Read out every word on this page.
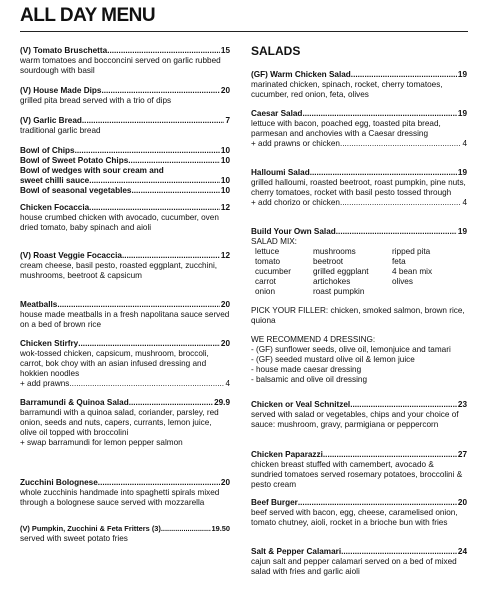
ALL DAY MENU
(V) Tomato Bruschetta .....	15
warm tomatoes and bocconcini served on garlic rubbed sourdough with basil
(V) House Made Dips .....	20
grilled pita bread served with a trio of dips
(V) Garlic Bread .....	7
traditional garlic bread
Bowl of Chips .....	10
Bowl of Sweet Potato Chips .....	10
Bowl of wedges with sour cream and
sweet chilli sauce .....	10
Bowl of seasonal vegetables .....	10
Chicken Focaccia .....	12
house crumbed chicken with avocado, cucumber, oven dried tomato, baby spinach and aioli
(V) Roast Veggie Focaccia .....	12
cream cheese, basil pesto, roasted eggplant, zucchini, mushrooms, beetroot & capsicum
Meatballs .....	20
house made meatballs in a fresh napolitana sauce served on a bed of brown rice
Chicken Stirfry .....	20
wok-tossed chicken, capsicum, mushroom, broccoli, carrot, bok choy with an asian infused dressing and hokkien noodles
+ add prawns .....	4
Barramundi & Quinoa Salad .....	29.9
barramundi with a quinoa salad, coriander, parsley, red onion, seeds and nuts, capers, currants, lemon juice, olive oil topped with broccolini
+ swap barramundi for lemon pepper salmon
Zucchini Bolognese .....	20
whole zucchinis handmade into spaghetti spirals mixed through a bolognese sauce served with mozzarella
(V) Pumpkin, Zucchini & Feta Fritters (3) .....	19.50
served with sweet potato fries
SALADS
(GF) Warm Chicken Salad .....	19
marinated chicken, spinach, rocket, cherry tomatoes, cucumber, red onion, feta, olives
Caesar Salad .....	19
lettuce with bacon, poached egg, toasted pita bread, parmesan and anchovies with a Caesar dressing
+ add prawns or chicken .....	4
Halloumi Salad .....	19
grilled halloumi, roasted beetroot, roast pumpkin, pine nuts, cherry tomatoes, rocket with basil pesto tossed through
+ add chorizo or chicken .....	4
Build Your Own Salad .....	19
SALAD MIX:
lettuce	mushrooms	ripped pita
tomato	beetroot	feta
cucumber	grilled eggplant	4 bean mix
carrot	artichokes	olives
onion	roast pumpkin
PICK YOUR FILLER: chicken, smoked salmon, brown rice, quiona
WE RECOMMEND 4 DRESSING:
- (GF) sunflower seeds, olive oil, lemonjuice and tamari
- (GF) seeded mustard olive oil & lemon juice
- house made caesar dressing
- balsamic and olive oil dressing
Chicken or Veal Schnitzel .....	23
served with salad or vegetables, chips and your choice of sauce: mushroom, gravy, parmigiana or peppercorn
Chicken Paparazzi .....	27
chicken breast stuffed with camembert, avocado & sundried tomatoes served rosemary potatoes, broccolini & pesto cream
Beef Burger .....	20
beef served with bacon, egg, cheese, caramelised onion, tomato chutney, aioli, rocket in a brioche bun with fries
Salt & Pepper Calamari .....	24
cajun salt and pepper calamari served on a bed of mixed salad with fries and garlic aioli
